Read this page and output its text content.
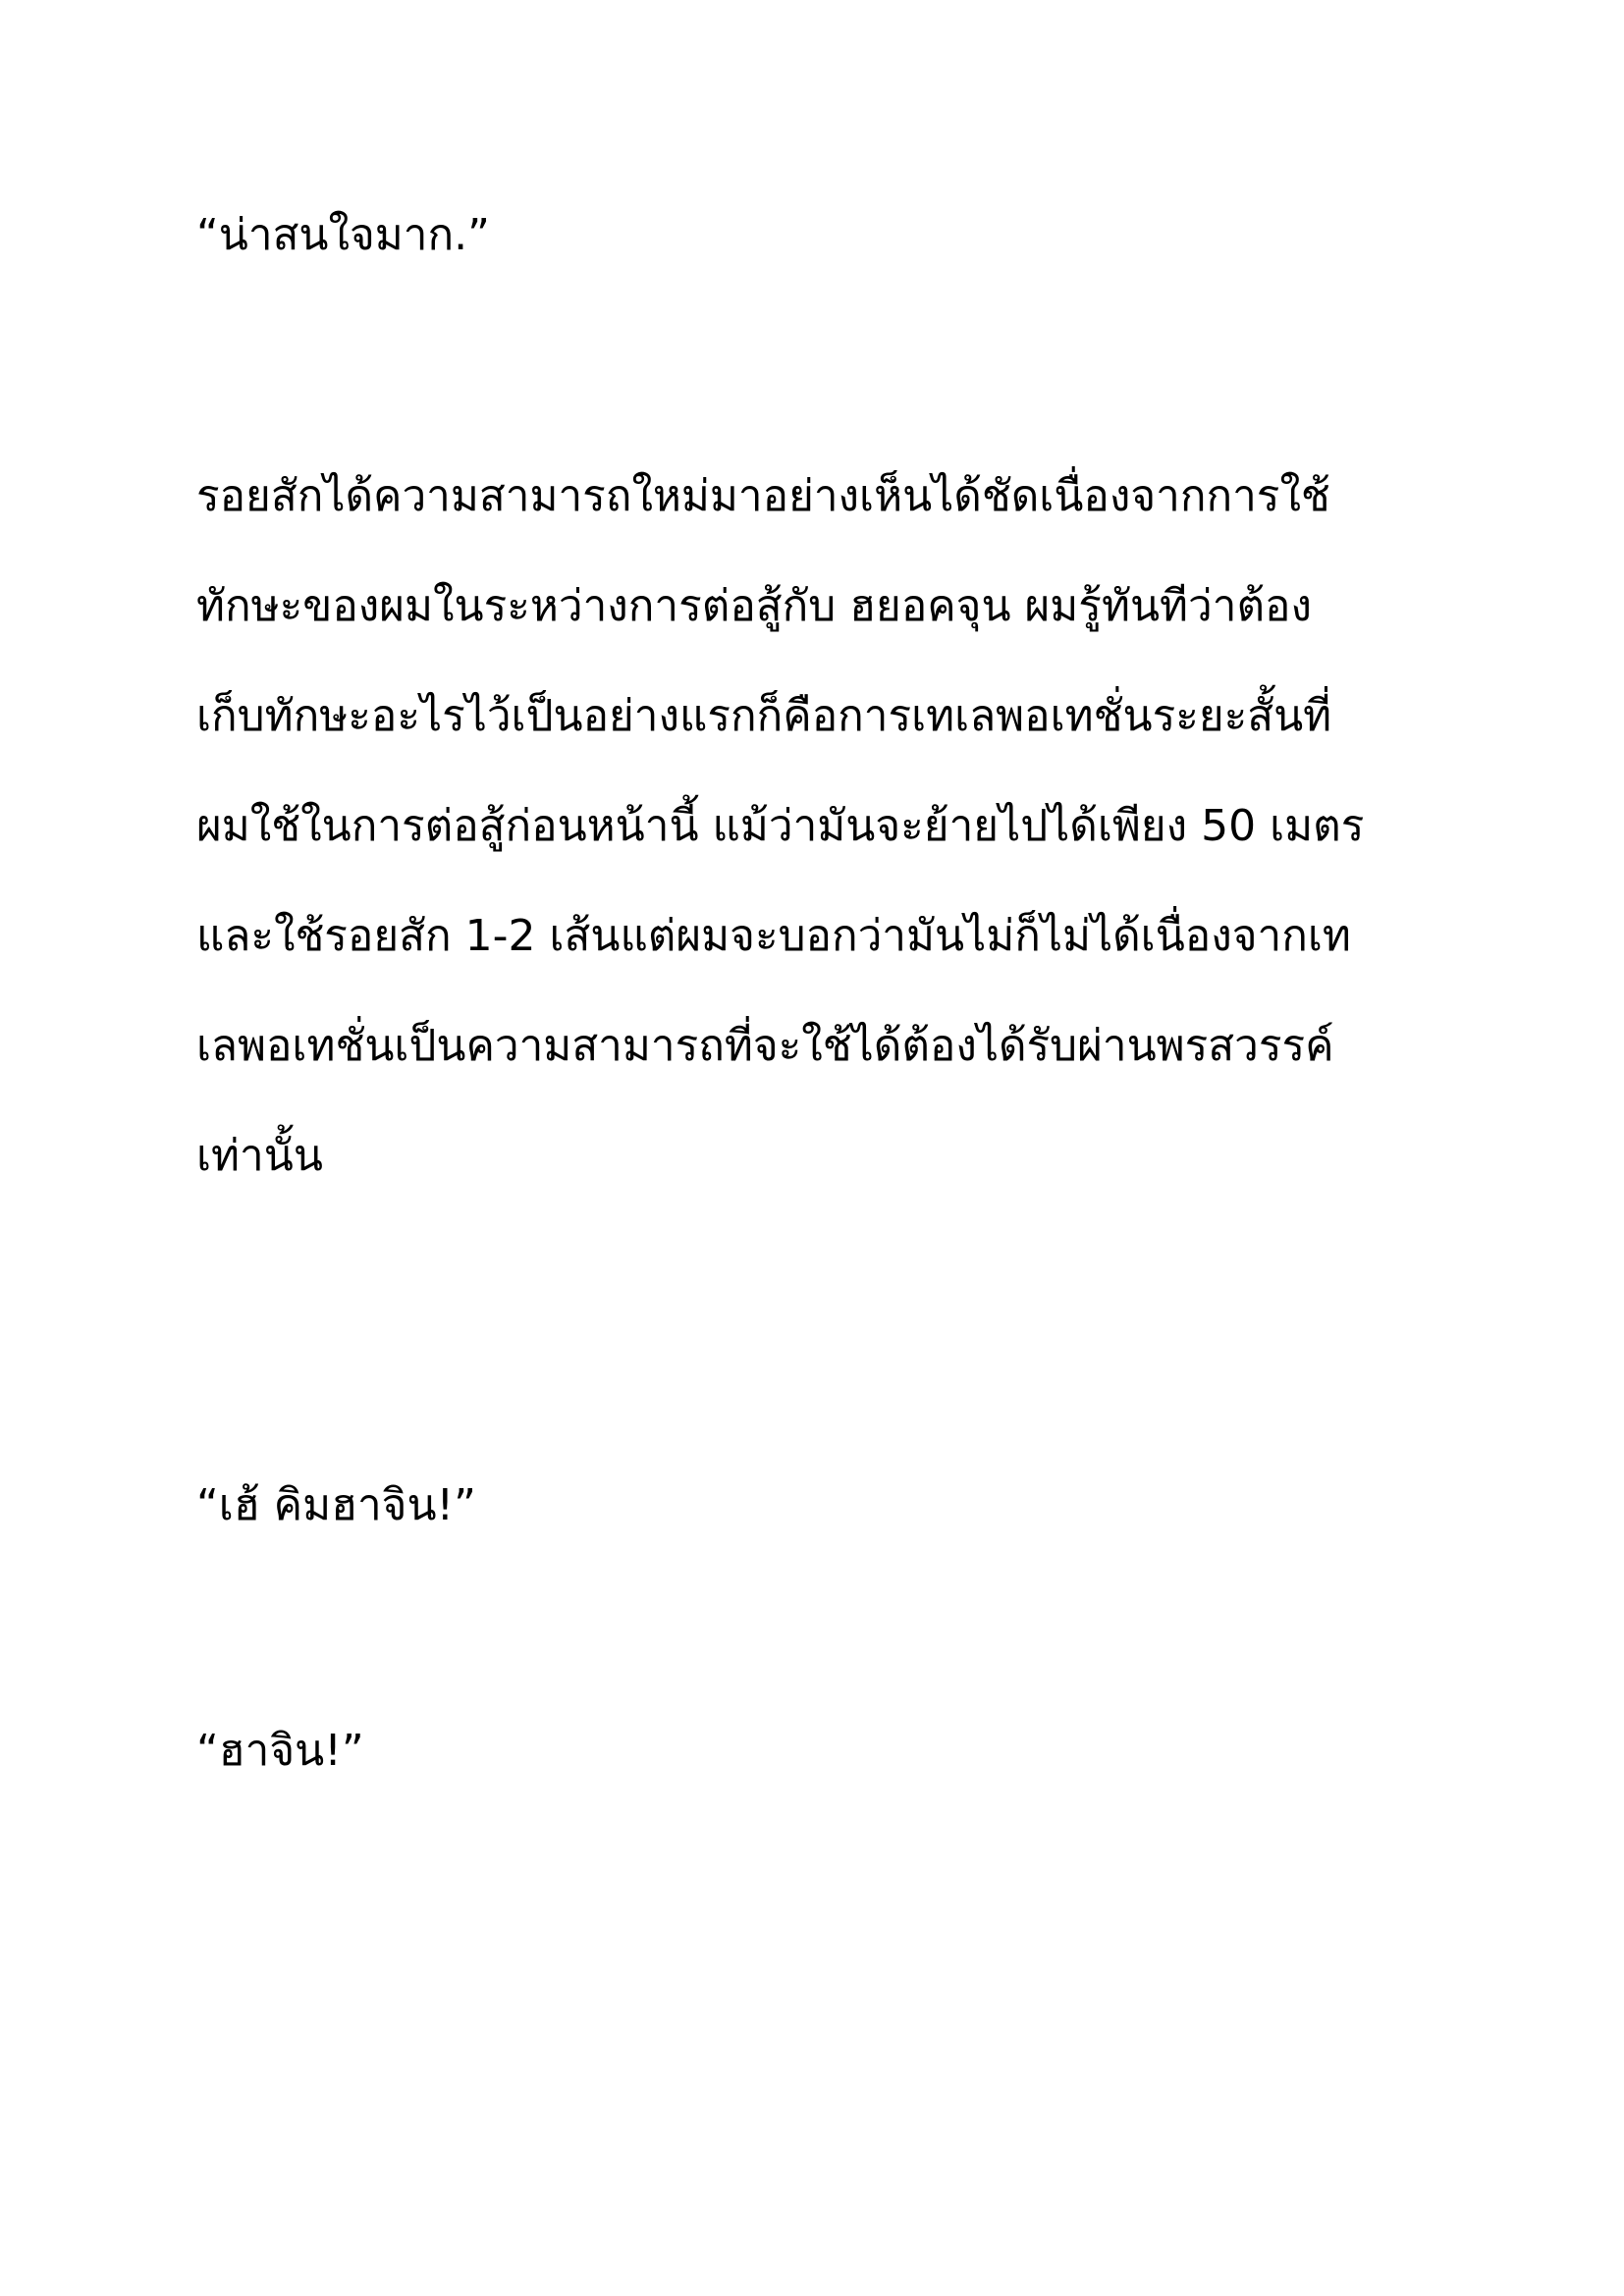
“น่าสนใจมาก.”
รอยสักได้ความสามารถใหม่มาอย่างเห็นได้ชัดเนื่องจากการใช้
ทักษะของผมในระหว่างการต่อสู้กับ ฮยอคจุน ผมรู้ทันทีว่าต้อง
เก็บทักษะอะไรไว้เป็นอย่างแรกก็คือการเทเลพอเทชั่นระยะสั้นที่
ผมใช้ในการต่อสู้ก่อนหน้านี้ แม้ว่ามันจะย้ายไปได้เพียง 50 เมตร
และใช้รอยสัก 1-2 เส้นแต่ผมจะบอกว่ามันไม่ก็ไม่ได้เนื่องจากเท
เลพอเทชั่นเป็นความสามารถที่จะใช้ได้ต้องได้รับผ่านพรสวรรค์
เท่านั้น
“เฮ้ คิมฮาจิน!”
“ฮาจิน!”
